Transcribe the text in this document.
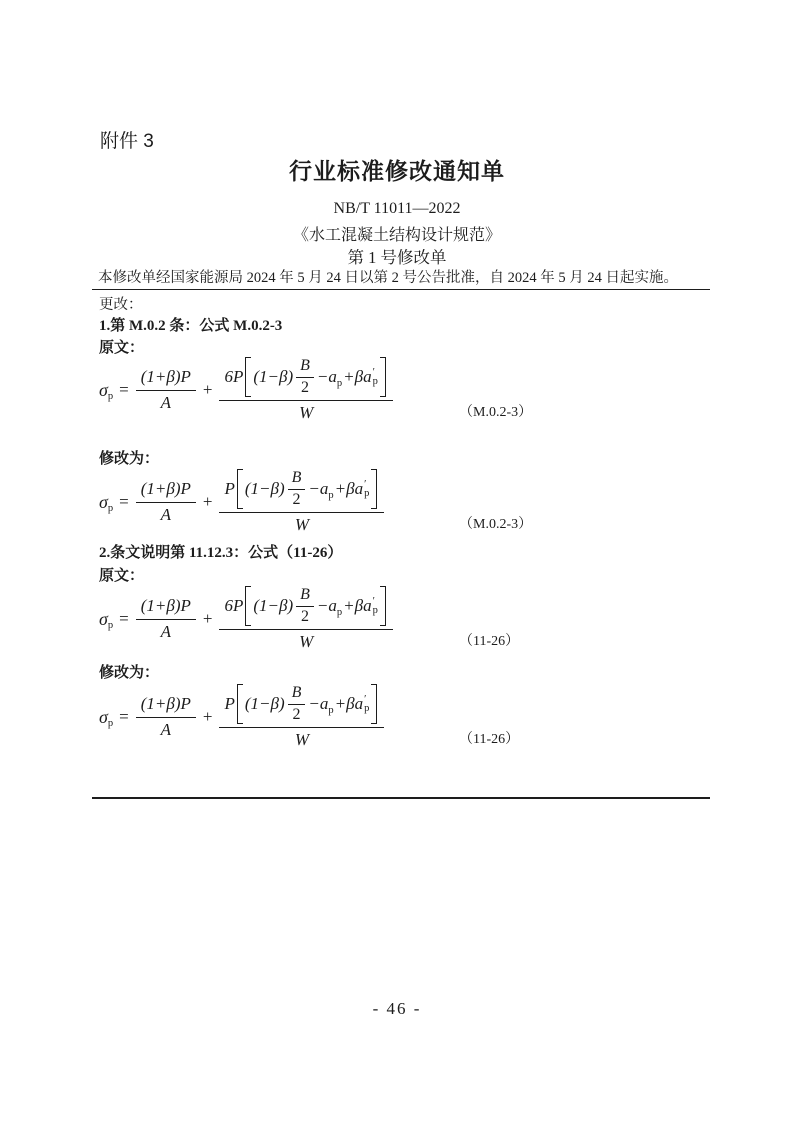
附件 3
行业标准修改通知单
NB/T 11011—2022
《水工混凝土结构设计规范》
第 1 号修改单
本修改单经国家能源局 2024 年 5 月 24 日以第 2 号公告批准，自 2024 年 5 月 24 日起实施。
更改：
1.第 M.0.2 条：公式 M.0.2-3
原文：
σ $p = \frac{(1+\beta)P}{A}$ +
6P $(1-\beta) \frac{B}{2} -a$ p +βa ′
p
W	（M.0.2-3）
修改为：
σ $p = \frac{(1+\beta)P}{A}$ +
P $(1-\beta) \frac{B}{2} -a$ p +βa ′
p
W	（M.0.2-3）
2.条文说明第 11.12.3：公式（11-26）
原文：
σ $p = \frac{(1+\beta)P}{A}$ +
6P $(1-\beta) \frac{B}{2} -a$ p +βa ′
p
W	（11-26）
修改为：
σ $p = \frac{(1+\beta)P}{A}$ +
P $(1-\beta) \frac{B}{2} -a$ p +βa ′
p
W	（11-26）
- 46 -
